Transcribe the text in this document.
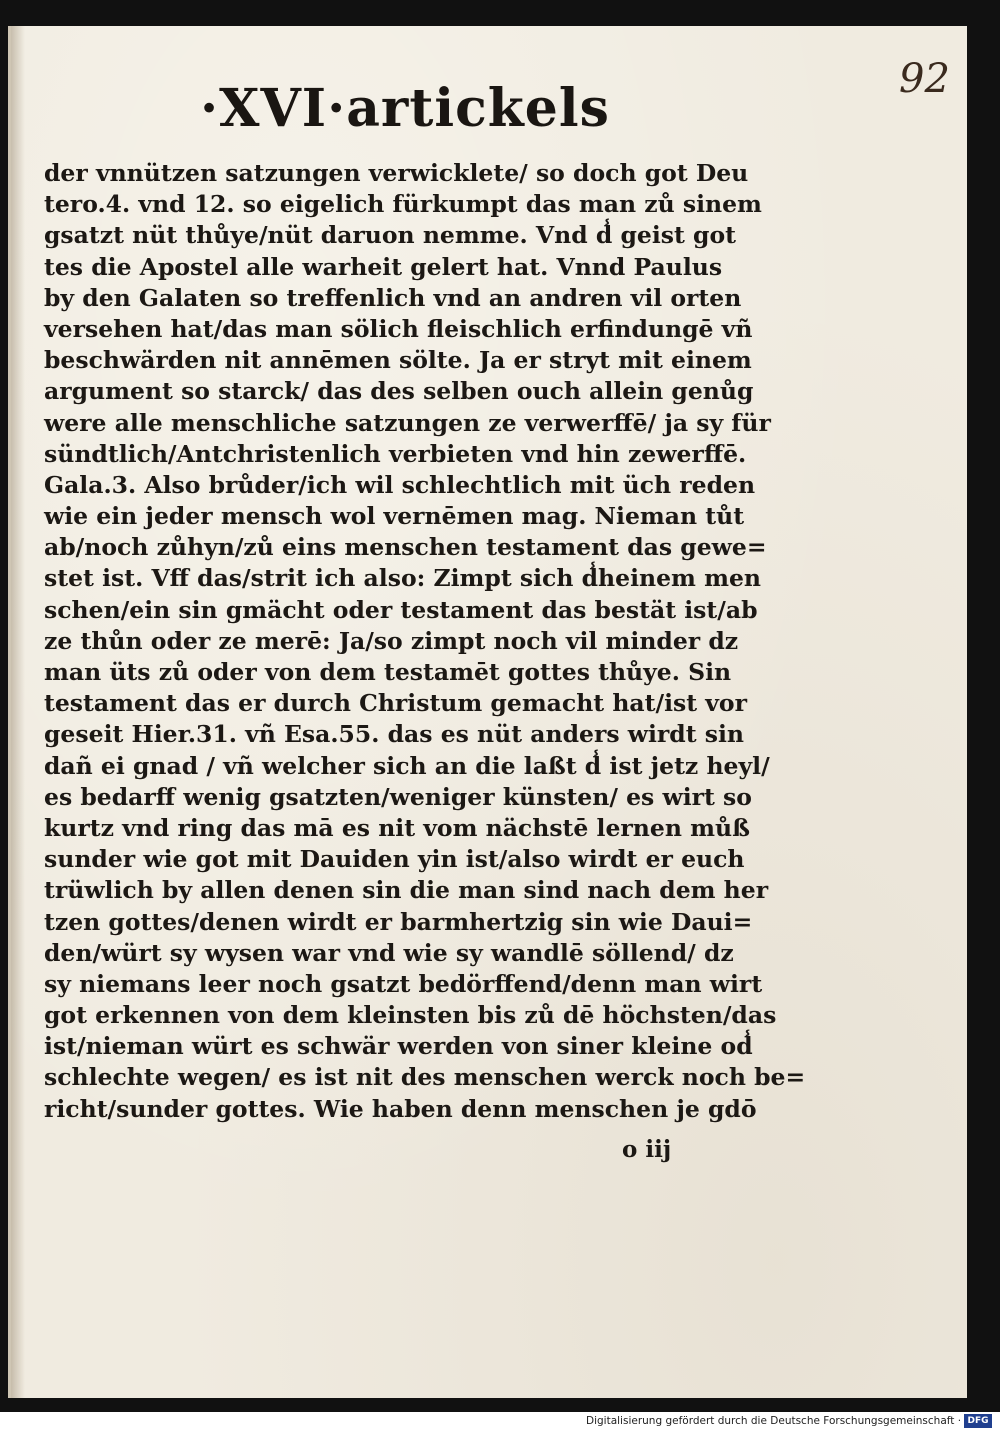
92
·XVI·artickels
der vnnützen satzungen verwicklete/ so doch got Deu
tero.4. vnd 12. so eigelich fürkumpt das man zů sinem
gsatzt nüt thůye/nüt daruon nemme. Vnd d̾ geist got
tes die Apostel alle warheit gelert hat. Vnnd Paulus
by den Galaten so treffenlich vnd an andren vil orten
versehen hat/das man sölich fleischlich erfindungē vñ
beschwärden nit annēmen sölte. Ja er stryt mit einem
argument so starck/ das des selben ouch allein genůg
were alle menschliche satzungen ze verwerffē/ ja sy für
sündtlich/Antchristenlich verbieten vnd hin zewerffē.
Gala.3. Also brůder/ich wil schlechtlich mit üch reden
wie ein jeder mensch wol vernēmen mag. Nieman tůt
ab/noch zůhyn/zů eins menschen testament das gewe=
stet ist. Vff das/strit ich also: Zimpt sich d̾heinem men
schen/ein sin gmächt oder testament das bestät ist/ab
ze thůn oder ze merē: Ja/so zimpt noch vil minder dz
man üts zů oder von dem testamēt gottes thůye. Sin
testament das er durch Christum gemacht hat/ist vor
geseit Hier.31. vñ Esa.55. das es nüt anders wirdt sin
dañ ei gnad / vñ welcher sich an die laßt d̾ ist jetz heyl/
es bedarff wenig gsatzten/weniger künsten/ es wirt so
kurtz vnd ring das mā es nit vom nächstē lernen můß
sunder wie got mit Dauiden yin ist/also wirdt er euch
trüwlich by allen denen sin die man sind nach dem her
tzen gottes/denen wirdt er barmhertzig sin wie Daui=
den/würt sy wysen war vnd wie sy wandlē söllend/ dz
sy niemans leer noch gsatzt bedörffend/denn man wirt
got erkennen von dem kleinsten bis zů dē höchsten/das
ist/nieman würt es schwär werden von siner kleine od̾
schlechte wegen/ es ist nit des menschen werck noch be=
richt/sunder gottes. Wie haben denn menschen je gdō
o iij
Digitalisierung gefördert durch die Deutsche Forschungsgemeinschaft · DFG
